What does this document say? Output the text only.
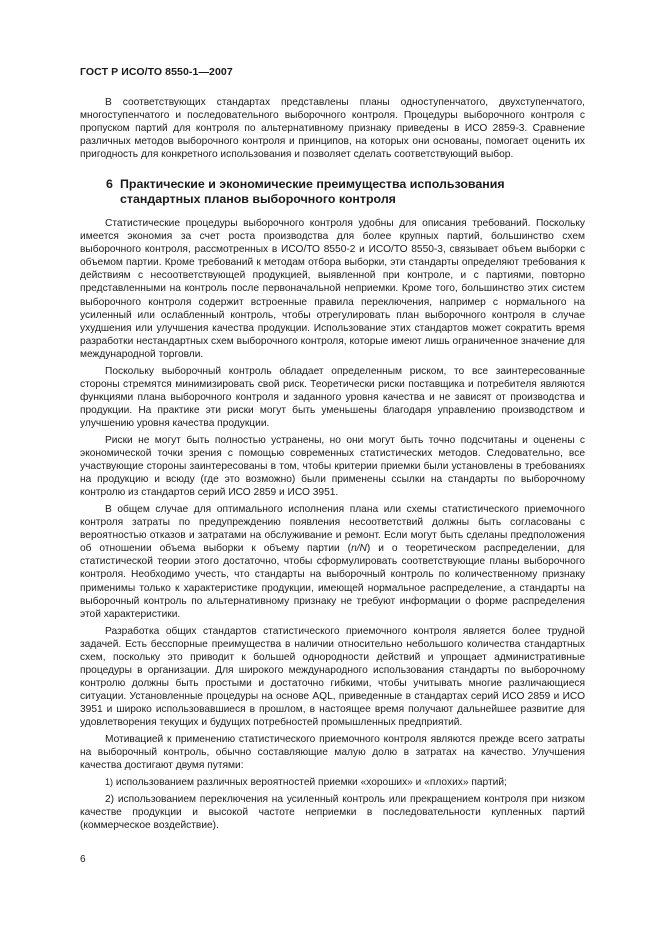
ГОСТ Р ИСО/ТО 8550-1—2007

В соответствующих стандартах представлены планы одноступенчатого, двухступенчатого, многоступенчатого и последовательного выборочного контроля. Процедуры выборочного контроля с пропуском партий для контроля по альтернативному признаку приведены в ИСО 2859-3. Сравнение различных методов выборочного контроля и принципов, на которых они основаны, помогает оценить их пригодность для конкретного использования и позволяет сделать соответствующий выбор.

6 Практические и экономические преимущества использования стандартных планов выборочного контроля

Статистические процедуры выборочного контроля удобны для описания требований. Поскольку имеется экономия за счет роста производства для более крупных партий, большинство схем выборочного контроля, рассмотренных в ИСО/ТО 8550-2 и ИСО/ТО 8550-3, связывает объем выборки с объемом партии. Кроме требований к методам отбора выборки, эти стандарты определяют требования к действиям с несоответствующей продукцией, выявленной при контроле, и с партиями, повторно представленными на контроль после первоначальной неприемки. Кроме того, большинство этих систем выборочного контроля содержит встроенные правила переключения, например с нормального на усиленный или ослабленный контроль, чтобы отрегулировать план выборочного контроля в случае ухудшения или улучшения качества продукции. Использование этих стандартов может сократить время разработки нестандартных схем выборочного контроля, которые имеют лишь ограниченное значение для международной торговли.

Поскольку выборочный контроль обладает определенным риском, то все заинтересованные стороны стремятся минимизировать свой риск. Теоретически риски поставщика и потребителя являются функциями плана выборочного контроля и заданного уровня качества и не зависят от производства и продукции. На практике эти риски могут быть уменьшены благодаря управлению производством и улучшению уровня качества продукции.

Риски не могут быть полностью устранены, но они могут быть точно подсчитаны и оценены с экономической точки зрения с помощью современных статистических методов. Следовательно, все участвующие стороны заинтересованы в том, чтобы критерии приемки были установлены в требованиях на продукцию и всюду (где это возможно) были применены ссылки на стандарты по выборочному контролю из стандартов серий ИСО 2859 и ИСО 3951.

В общем случае для оптимального исполнения плана или схемы статистического приемочного контроля затраты по предупреждению появления несоответствий должны быть согласованы с вероятностью отказов и затратами на обслуживание и ремонт. Если могут быть сделаны предположения об отношении объема выборки к объему партии (n/N) и о теоретическом распределении, для статистической теории этого достаточно, чтобы сформулировать соответствующие планы выборочного контроля. Необходимо учесть, что стандарты на выборочный контроль по количественному признаку применимы только к характеристике продукции, имеющей нормальное распределение, а стандарты на выборочный контроль по альтернативному признаку не требуют информации о форме распределения этой характеристики.

Разработка общих стандартов статистического приемочного контроля является более трудной задачей. Есть бесспорные преимущества в наличии относительно небольшого количества стандартных схем, поскольку это приводит к большей однородности действий и упрощает административные процедуры в организации. Для широкого международного использования стандарты по выборочному контролю должны быть простыми и достаточно гибкими, чтобы учитывать многие различающиеся ситуации. Установленные процедуры на основе AQL, приведенные в стандартах серий ИСО 2859 и ИСО 3951 и широко использовавшиеся в прошлом, в настоящее время получают дальнейшее развитие для удовлетворения текущих и будущих потребностей промышленных предприятий.

Мотивацией к применению статистического приемочного контроля являются прежде всего затраты на выборочный контроль, обычно составляющие малую долю в затратах на качество. Улучшения качества достигают двумя путями:

1) использованием различных вероятностей приемки «хороших» и «плохих» партий;

2) использованием переключения на усиленный контроль или прекращением контроля при низком качестве продукции и высокой частоте неприемки в последовательности купленных партий (коммерческое воздействие).

6
